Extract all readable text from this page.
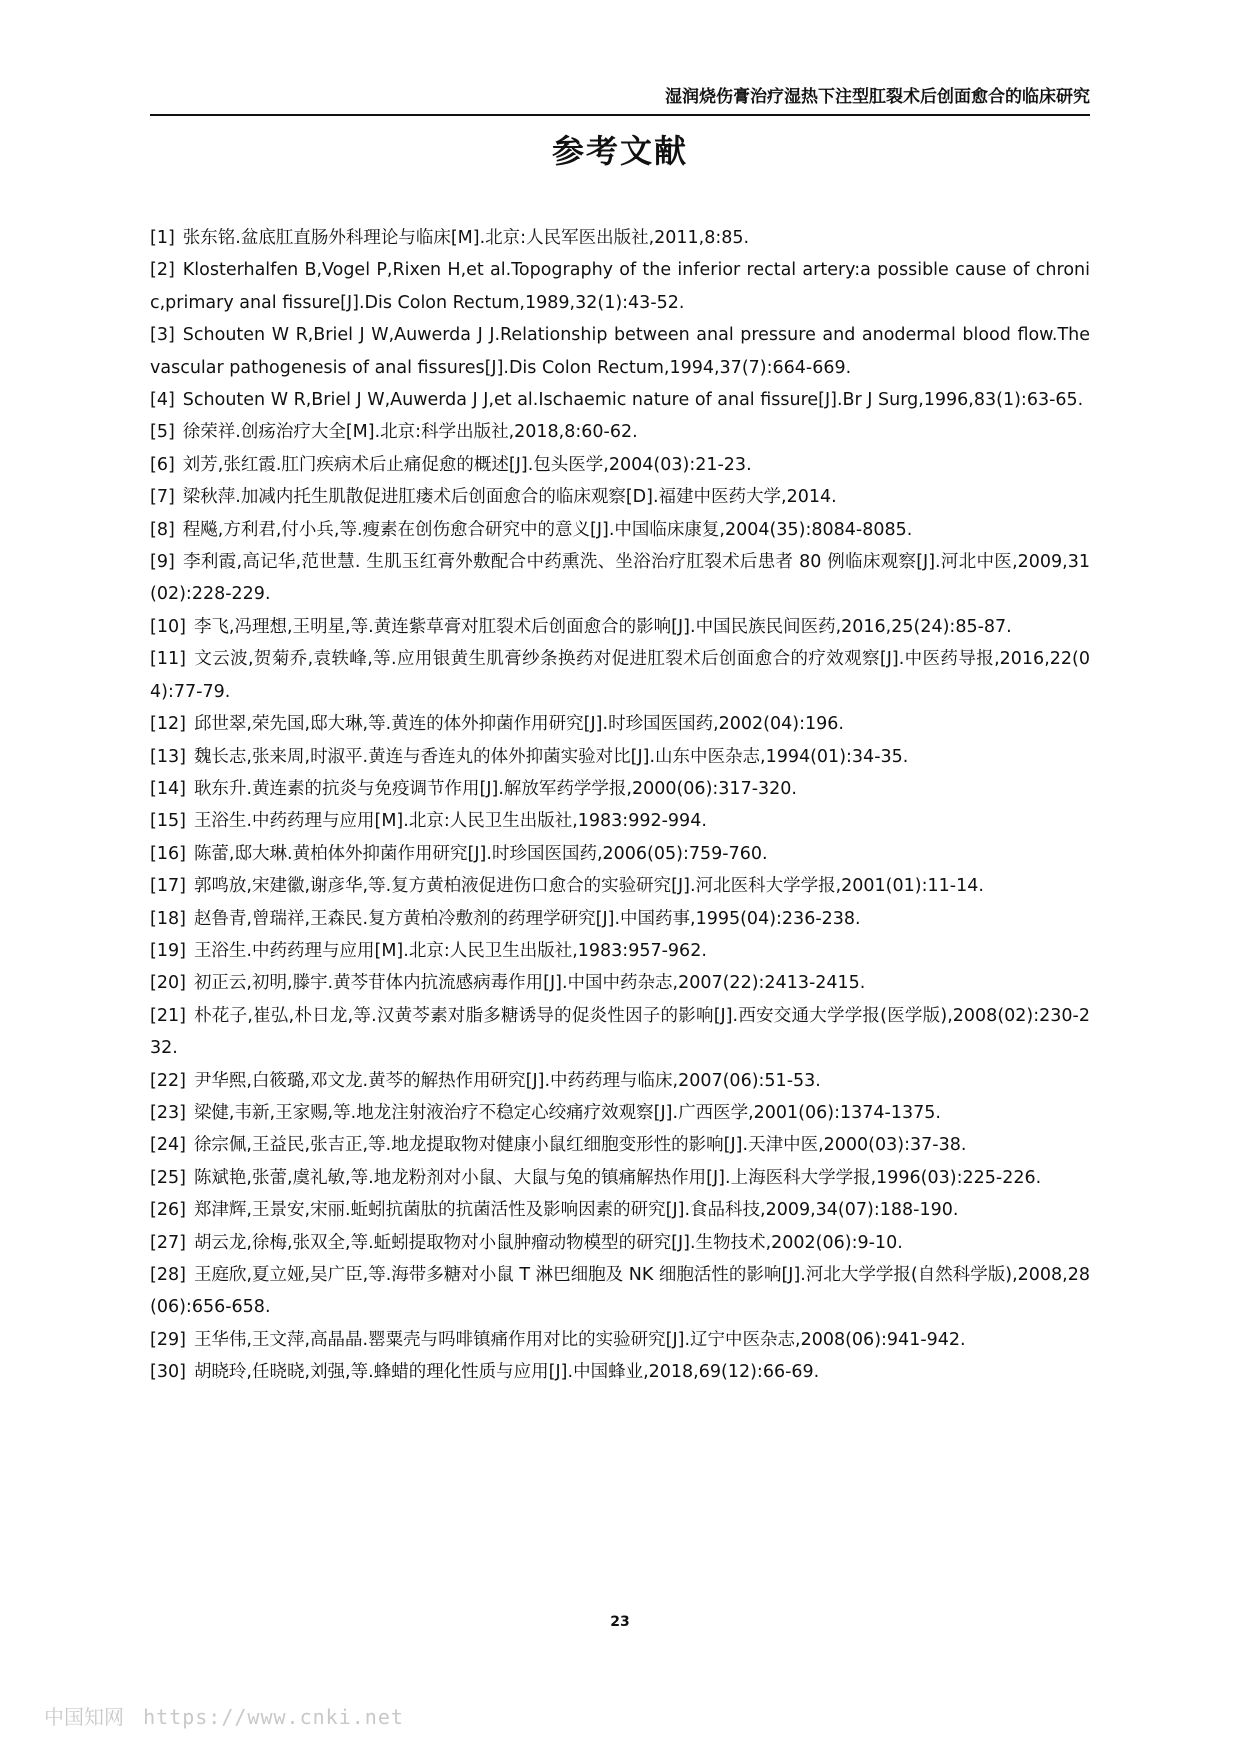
湿润烧伤膏治疗湿热下注型肛裂术后创面愈合的临床研究
参考文献
[1] 张东铭.盆底肛直肠外科理论与临床[M].北京:人民军医出版社,2011,8:85.
[2] Klosterhalfen B,Vogel P,Rixen H,et al.Topography of the inferior rectal artery:a possible cause of chronic,primary anal fissure[J].Dis Colon Rectum,1989,32(1):43-52.
[3] Schouten W R,Briel J W,Auwerda J J.Relationship between anal pressure and anodermal blood flow.The vascular pathogenesis of anal fissures[J].Dis Colon Rectum,1994,37(7):664-669.
[4] Schouten W R,Briel J W,Auwerda J J,et al.Ischaemic nature of anal fissure[J].Br J Surg,1996,83(1):63-65.
[5] 徐荣祥.创疡治疗大全[M].北京:科学出版社,2018,8:60-62.
[6] 刘芳,张红霞.肛门疾病术后止痛促愈的概述[J].包头医学,2004(03):21-23.
[7] 梁秋萍.加减内托生肌散促进肛瘘术后创面愈合的临床观察[D].福建中医药大学,2014.
[8] 程飚,方利君,付小兵,等.瘦素在创伤愈合研究中的意义[J].中国临床康复,2004(35):8084-8085.
[9] 李利霞,高记华,范世慧. 生肌玉红膏外敷配合中药熏洗、坐浴治疗肛裂术后患者 80 例临床观察[J].河北中医,2009,31(02):228-229.
[10] 李飞,冯理想,王明星,等.黄连紫草膏对肛裂术后创面愈合的影响[J].中国民族民间医药,2016,25(24):85-87.
[11] 文云波,贺菊乔,袁轶峰,等.应用银黄生肌膏纱条换药对促进肛裂术后创面愈合的疗效观察[J].中医药导报,2016,22(04):77-79.
[12] 邱世翠,荣先国,邸大琳,等.黄连的体外抑菌作用研究[J].时珍国医国药,2002(04):196.
[13] 魏长志,张来周,时淑平.黄连与香连丸的体外抑菌实验对比[J].山东中医杂志,1994(01):34-35.
[14] 耿东升.黄连素的抗炎与免疫调节作用[J].解放军药学学报,2000(06):317-320.
[15] 王浴生.中药药理与应用[M].北京:人民卫生出版社,1983:992-994.
[16] 陈蕾,邸大琳.黄柏体外抑菌作用研究[J].时珍国医国药,2006(05):759-760.
[17] 郭鸣放,宋建徽,谢彦华,等.复方黄柏液促进伤口愈合的实验研究[J].河北医科大学学报,2001(01):11-14.
[18] 赵鲁青,曾瑞祥,王森民.复方黄柏冷敷剂的药理学研究[J].中国药事,1995(04):236-238.
[19] 王浴生.中药药理与应用[M].北京:人民卫生出版社,1983:957-962.
[20] 初正云,初明,滕宇.黄芩苷体内抗流感病毒作用[J].中国中药杂志,2007(22):2413-2415.
[21] 朴花子,崔弘,朴日龙,等.汉黄芩素对脂多糖诱导的促炎性因子的影响[J].西安交通大学学报(医学版),2008(02):230-232.
[22] 尹华熙,白筱璐,邓文龙.黄芩的解热作用研究[J].中药药理与临床,2007(06):51-53.
[23] 梁健,韦新,王家赐,等.地龙注射液治疗不稳定心绞痛疗效观察[J].广西医学,2001(06):1374-1375.
[24] 徐宗佩,王益民,张吉正,等.地龙提取物对健康小鼠红细胞变形性的影响[J].天津中医,2000(03):37-38.
[25] 陈斌艳,张蕾,虞礼敏,等.地龙粉剂对小鼠、大鼠与兔的镇痛解热作用[J].上海医科大学学报,1996(03):225-226.
[26] 郑津辉,王景安,宋丽.蚯蚓抗菌肽的抗菌活性及影响因素的研究[J].食品科技,2009,34(07):188-190.
[27] 胡云龙,徐梅,张双全,等.蚯蚓提取物对小鼠肿瘤动物模型的研究[J].生物技术,2002(06):9-10.
[28] 王庭欣,夏立娅,吴广臣,等.海带多糖对小鼠 T 淋巴细胞及 NK 细胞活性的影响[J].河北大学学报(自然科学版),2008,28(06):656-658.
[29] 王华伟,王文萍,高晶晶.罂粟壳与吗啡镇痛作用对比的实验研究[J].辽宁中医杂志,2008(06):941-942.
[30] 胡晓玲,任晓晓,刘强,等.蜂蜡的理化性质与应用[J].中国蜂业,2018,69(12):66-69.
23
中国知网 https://www.cnki.net
